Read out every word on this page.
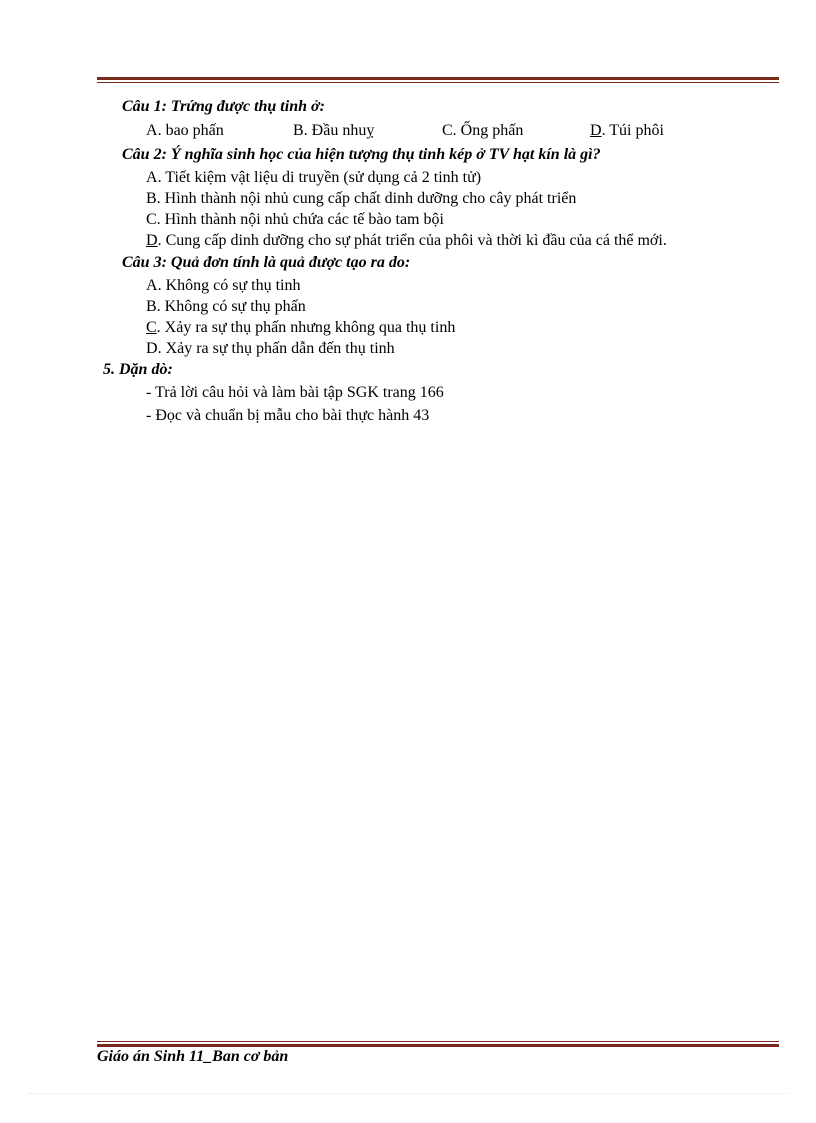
Câu 1: Trứng được thụ tinh ở:
A. bao phấn	B. Đầu nhuỵ	C. Ống phấn	D. Túi phôi
Câu 2: Ý nghĩa sinh học của hiện tượng thụ tinh kép ở TV hạt kín là gì?
A. Tiết kiệm vật liệu di truyền (sử dụng cả 2 tinh tử)
B. Hình thành nội nhủ cung cấp chất dinh dưỡng cho cây phát triển
C. Hình thành nội nhủ chứa các tế bào tam bội
D. Cung cấp dinh dưỡng cho sự phát triển của phôi và thời kì đầu của cá thể mới.
Câu 3: Quả đơn tính là quả được tạo ra do:
A. Không có sự thụ tinh
B. Không có sự thụ phấn
C. Xảy ra sự thụ phấn nhưng không qua thụ tinh
D. Xảy ra sự thụ phấn dẫn đến thụ tinh
5. Dặn dò:
- Trả lời câu hỏi và làm bài tập SGK trang 166
- Đọc và chuẩn bị mẫu cho bài thực hành 43
Giáo án Sinh 11_Ban cơ bản
